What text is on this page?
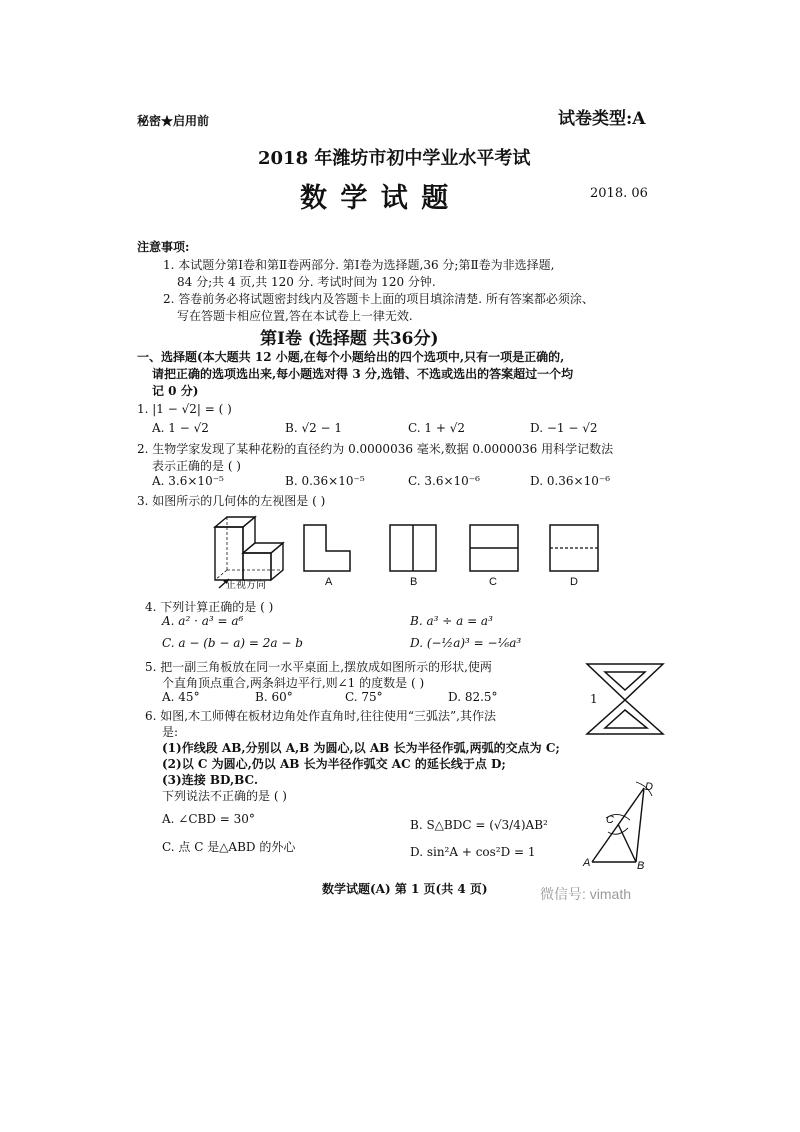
秘密★启用前	试卷类型:A
2018 年潍坊市初中学业水平考试
数 学 试 题	2018. 06
注意事项:
1. 本试题分第Ⅰ卷和第Ⅱ卷两部分. 第Ⅰ卷为选择题,36 分;第Ⅱ卷为非选择题,
84 分;共 4 页,共 120 分. 考试时间为 120 分钟.
2. 答卷前务必将试题密封线内及答题卡上面的项目填涂清楚. 所有答案都必须涂、
写在答题卡相应位置,答在本试卷上一律无效.
第Ⅰ卷 (选择题 共36分)
一、选择题(本大题共 12 小题,在每个小题给出的四个选项中,只有一项是正确的,
请把正确的选项选出来,每小题选对得 3 分,选错、不选或选出的答案超过一个均
记 0 分)
1. |1 − √2| = ( )
A. 1 − √2	B. √2 − 1	C. 1 + √2	D. −1 − √2
2. 生物学家发现了某种花粉的直径约为 0.0000036 毫米,数据 0.0000036 用科学记数法
表示正确的是 ( )
A. 3.6×10⁻⁵	B. 0.36×10⁻⁵	C. 3.6×10⁻⁶	D. 0.36×10⁻⁶
3. 如图所示的几何体的左视图是 ( )
正视方向	A	B	C	D
4. 下列计算正确的是 ( )
A. a² · a³ = a⁶	B. a³ ÷ a = a³
C. a − (b − a) = 2a − b	D. (−½a)³ = −⅙a³
5. 把一副三角板放在同一水平桌面上,摆放成如图所示的形状,使两
个直角顶点重合,两条斜边平行,则∠1 的度数是 ( )
A. 45°	B. 60°	C. 75°	D. 82.5°	1
6. 如图,木工师傅在板材边角处作直角时,往往使用“三弧法”,其作法
是:
(1)作线段 AB,分别以 A,B 为圆心,以 AB 长为半径作弧,两弧的交点为 C;
(2)以 C 为圆心,仍以 AB 长为半径作弧交 AC 的延长线于点 D;
(3)连接 BD,BC.
下列说法不正确的是 ( )
A. ∠CBD = 30°	B. S△BDC = (√3/4)AB²
C. 点 C 是△ABD 的外心	D. sin²A + cos²D = 1
A	B
C
D
数学试题(A) 第 1 页(共 4 页)	微信号: vimath
